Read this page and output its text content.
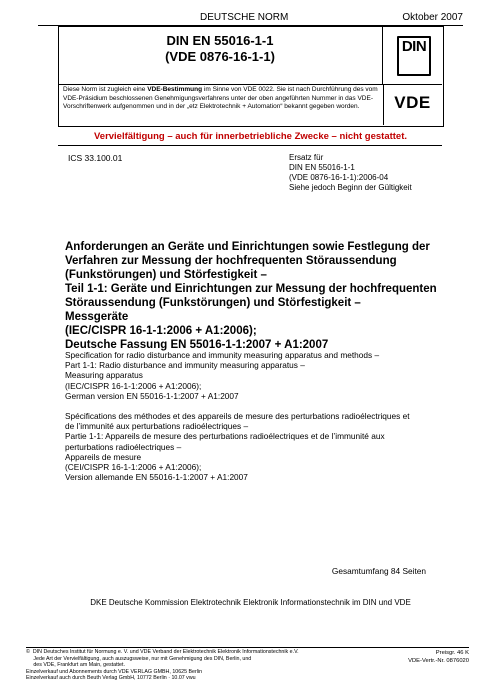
DEUTSCHE NORM	Oktober 2007
DIN EN 55016-1-1
(VDE 0876-16-1-1)
DIN
Diese Norm ist zugleich eine VDE-Bestimmung im Sinne von VDE 0022. Sie ist nach Durchführung des vom VDE-Präsidium beschlossenen Genehmigungsverfahrens unter der oben angeführten Nummer in das VDE-Vorschriftenwerk aufgenommen und in der „etz Elektrotechnik + Automation“ bekannt gegeben worden.	VDE
Vervielfältigung – auch für innerbetriebliche Zwecke – nicht gestattet.
ICS 33.100.01	Ersatz für
DIN EN 55016-1-1
(VDE 0876-16-1-1):2006-04
Siehe jedoch Beginn der Gültigkeit
Anforderungen an Geräte und Einrichtungen sowie Festlegung der
Verfahren zur Messung der hochfrequenten Störaussendung
(Funkstörungen) und Störfestigkeit –
Teil 1-1: Geräte und Einrichtungen zur Messung der hochfrequenten
Störaussendung (Funkstörungen) und Störfestigkeit –
Messgeräte
(IEC/CISPR 16-1-1:2006 + A1:2006);
Deutsche Fassung EN 55016-1-1:2007 + A1:2007
Specification for radio disturbance and immunity measuring apparatus and methods –
Part 1-1: Radio disturbance and immunity measuring apparatus –
Measuring apparatus
(IEC/CISPR 16-1-1:2006 + A1:2006);
German version EN 55016-1-1:2007 + A1:2007
Spécifications des méthodes et des appareils de mesure des perturbations radioélectriques et
de l’immunité aux perturbations radioélectriques –
Partie 1-1: Appareils de mesure des perturbations radioélectriques et de l’immunité aux
perturbations radioélectriques –
Appareils de mesure
(CEI/CISPR 16-1-1:2006 + A1:2006);
Version allemande EN 55016-1-1:2007 + A1:2007
Gesamtumfang 84 Seiten
DKE Deutsche Kommission Elektrotechnik Elektronik Informationstechnik im DIN und VDE
©  DIN Deutsches Institut für Normung e. V. und VDE Verband der Elektrotechnik Elektronik Informationstechnik e.V.
Jede Art der Vervielfältigung, auch auszugsweise, nur mit Genehmigung des DIN, Berlin, und
des VDE, Frankfurt am Main, gestattet.
Einzelverkauf und Abonnements durch VDE VERLAG GMBH, 10625 Berlin
Einzelverkauf auch durch Beuth Verlag GmbH, 10772 Berlin · 10.07 vwu
Preisgr. 46 K
VDE-Vertr.-Nr. 0876020
